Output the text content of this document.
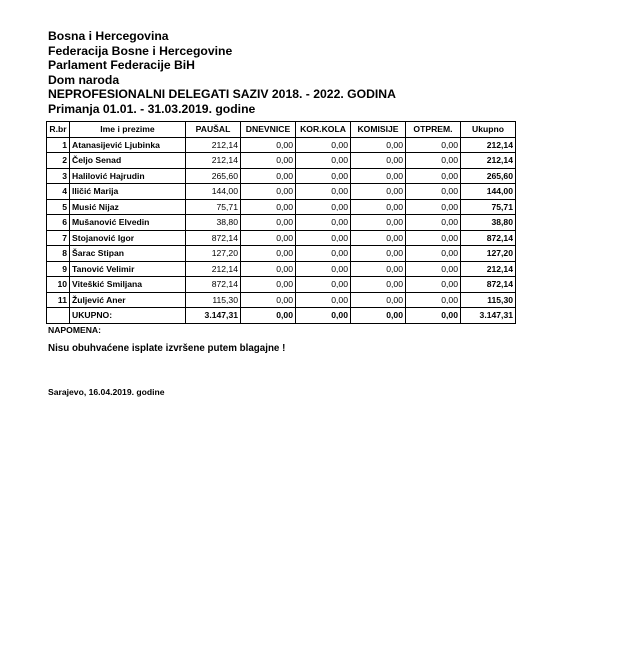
Bosna i Hercegovina
Federacija Bosne i Hercegovine
Parlament Federacije BiH
Dom naroda
NEPROFESIONALNI DELEGATI SAZIV 2018. - 2022. GODINA
Primanja 01.01. - 31.03.2019. godine
R.br	Ime i prezime	PAUŠAL	DNEVNICE	KOR.KOLA	KOMISIJE	OTPREM.	Ukupno
1	Atanasijević Ljubinka	212,14	0,00	0,00	0,00	0,00	212,14
2	Čeljo Senad	212,14	0,00	0,00	0,00	0,00	212,14
3	Halilović Hajrudin	265,60	0,00	0,00	0,00	0,00	265,60
4	Iličić Marija	144,00	0,00	0,00	0,00	0,00	144,00
5	Musić Nijaz	75,71	0,00	0,00	0,00	0,00	75,71
6	Mušanović Elvedin	38,80	0,00	0,00	0,00	0,00	38,80
7	Stojanović Igor	872,14	0,00	0,00	0,00	0,00	872,14
8	Šarac Stipan	127,20	0,00	0,00	0,00	0,00	127,20
9	Tanović Velimir	212,14	0,00	0,00	0,00	0,00	212,14
10	Viteškić Smiljana	872,14	0,00	0,00	0,00	0,00	872,14
11	Žuljević Aner	115,30	0,00	0,00	0,00	0,00	115,30
	UKUPNO:	3.147,31	0,00	0,00	0,00	0,00	3.147,31
NAPOMENA:
Nisu obuhvaćene isplate izvršene putem blagajne !
Sarajevo, 16.04.2019. godine
